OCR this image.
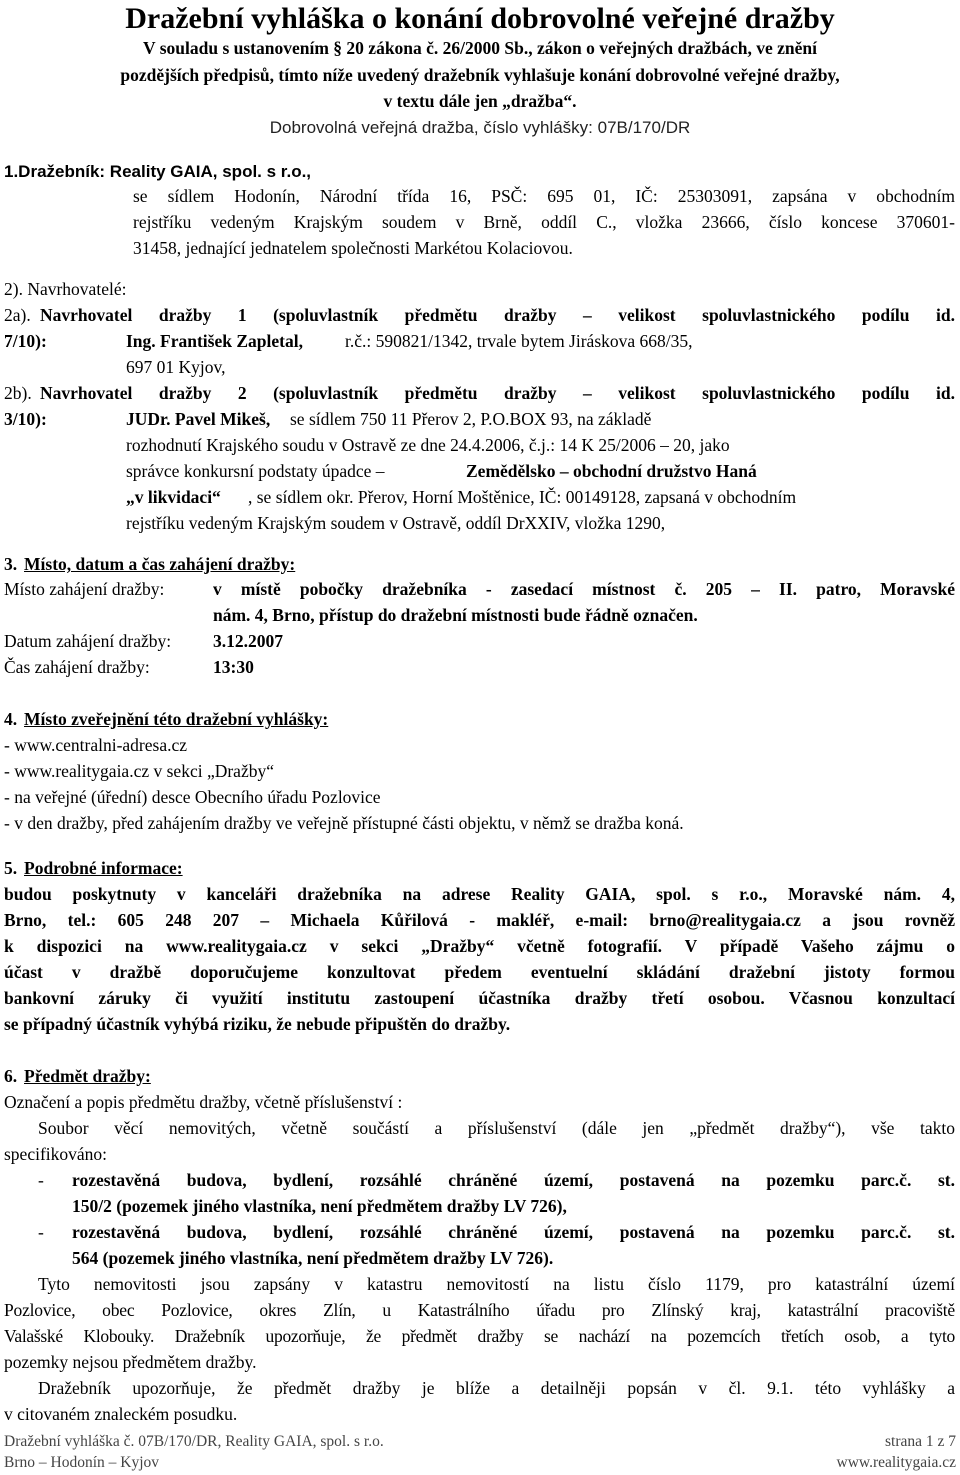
Dražební vyhláška o konání dobrovolné veřejné dražby
V souladu s ustanovením § 20 zákona č. 26/2000 Sb., zákon o veřejných dražbách, ve znění
pozdějších předpisů, tímto níže uvedený dražebník vyhlašuje konání dobrovolné veřejné dražby,
v textu dále jen „dražba“.
Dobrovolná veřejná dražba, číslo vyhlášky: 07B/170/DR
1.Dražebník: Reality GAIA, spol. s r.o.,
se sídlem Hodonín, Národní třída 16, PSČ: 695 01, IČ: 25303091, zapsána v obchodním
rejstříku vedeným Krajským soudem v Brně, oddíl C., vložka 23666, číslo koncese 370601-
31458, jednající jednatelem společnosti Markétou Kolaciovou.
2). Navrhovatelé:
2a). Navrhovatel dražby 1 (spoluvlastník předmětu dražby – velikost spoluvlastnického podílu id.
7/10):	Ing. František Zapletal, r.č.: 590821/1342, trvale bytem Jiráskova 668/35,
697 01 Kyjov,
2b). Navrhovatel dražby 2 (spoluvlastník předmětu dražby – velikost spoluvlastnického podílu id.
3/10):	JUDr. Pavel Mikeš, se sídlem 750 11 Přerov 2, P.O.BOX 93, na základě
rozhodnutí Krajského soudu v Ostravě ze dne 24.4.2006, č.j.: 14 K 25/2006 – 20, jako
správce konkursní podstaty úpadce –	Zemědělsko – obchodní družstvo Haná
„v likvidaci“ , se sídlem okr. Přerov, Horní Moštěnice, IČ: 00149128, zapsaná v obchodním
rejstříku vedeným Krajským soudem v Ostravě, oddíl DrXXIV, vložka 1290,
3. Místo, datum a čas zahájení dražby:
Místo zahájení dražby:	v místě pobočky dražebníka - zasedací místnost č. 205 – II. patro, Moravské
nám. 4, Brno, přístup do dražební místnosti bude řádně označen.
Datum zahájení dražby: 3.12.2007
Čas zahájení dražby:	13:30
4. Místo zveřejnění této dražební vyhlášky:
- www.centralni-adresa.cz
- www.realitygaia.cz v sekci „Dražby“
- na veřejné (úřední) desce Obecního úřadu Pozlovice
- v den dražby, před zahájením dražby ve veřejně přístupné části objektu, v němž se dražba koná.
5. Podrobné informace:
budou poskytnuty v kanceláři dražebníka na adrese Reality GAIA, spol. s r.o., Moravské nám. 4,
Brno, tel.: 605 248 207 – Michaela Kůřilová - makléř, e-mail: brno@realitygaia.cz a jsou rovněž
k dispozici na www.realitygaia.cz v sekci „Dražby“ včetně fotografií. V případě Vašeho zájmu o
účast v dražbě doporučujeme konzultovat předem eventuelní skládání dražební jistoty formou
bankovní záruky či využití institutu zastoupení účastníka dražby třetí osobou. Včasnou konzultací
se případný účastník vyhýbá riziku, že nebude připuštěn do dražby.
6. Předmět dražby:
Označení a popis předmětu dražby, včetně příslušenství :
Soubor věcí nemovitých, včetně součástí a příslušenství (dále jen „předmět dražby“), vše takto
specifikováno:
- rozestavěná budova, bydlení, rozsáhlé chráněné území, postavená na pozemku parc.č. st.
150/2 (pozemek jiného vlastníka, není předmětem dražby LV 726),
- rozestavěná budova, bydlení, rozsáhlé chráněné území, postavená na pozemku parc.č. st.
564 (pozemek jiného vlastníka, není předmětem dražby LV 726).
Tyto nemovitosti jsou zapsány v katastru nemovitostí na listu číslo 1179, pro katastrální území
Pozlovice, obec Pozlovice, okres Zlín, u Katastrálního úřadu pro Zlínský kraj, katastrální pracoviště
Valašské Klobouky. Dražebník upozorňuje, že předmět dražby se nachází na pozemcích třetích osob, a tyto
pozemky nejsou předmětem dražby.
Dražebník upozorňuje, že předmět dražby je blíže a detailněji popsán v čl. 9.1. této vyhlášky a
v citovaném znaleckém posudku.
Dražební vyhláška č. 07B/170/DR, Reality GAIA, spol. s r.o.
Brno – Hodonín – Kyjov
strana 1 z 7
www.realitygaia.cz
